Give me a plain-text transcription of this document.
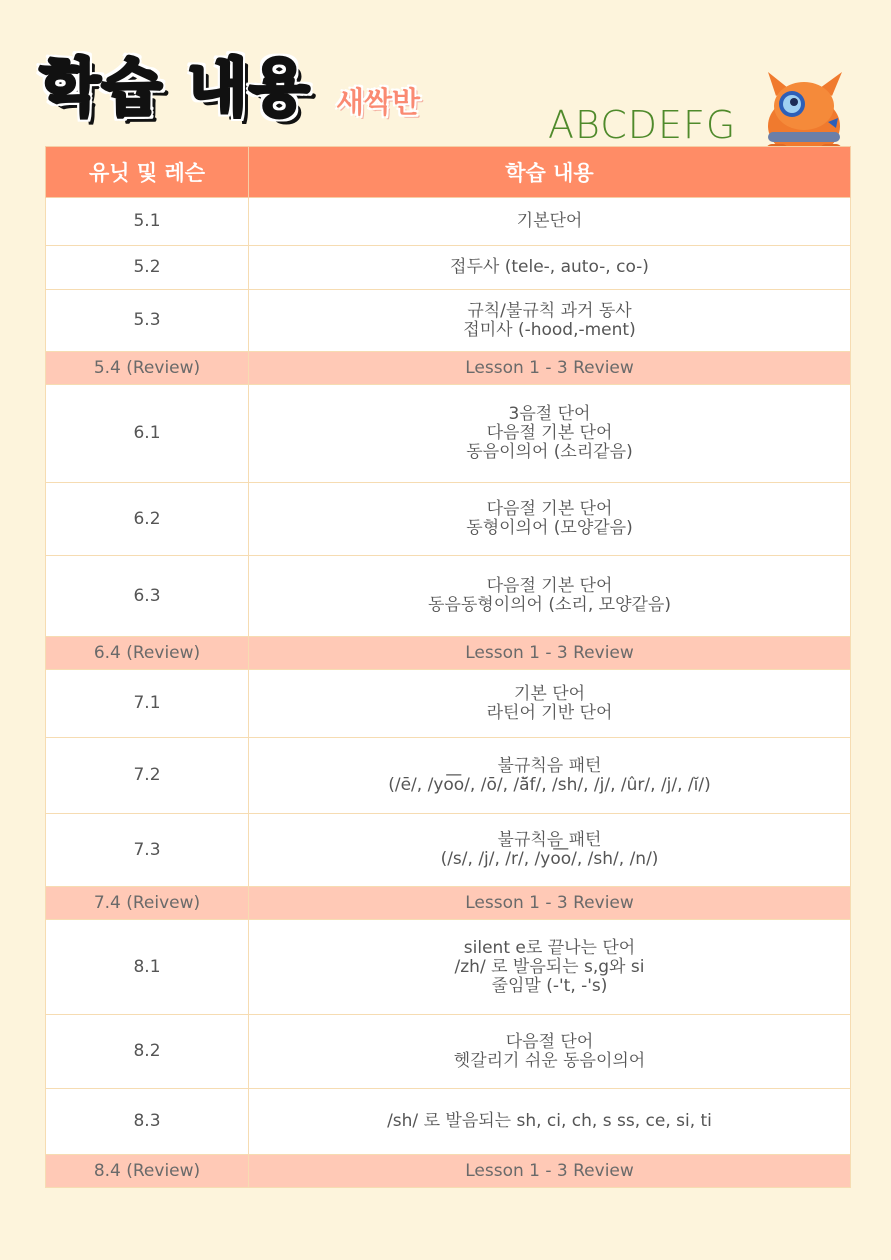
학습 내용 새싹반
ABCDEFG
유닛 및 레슨	학습 내용
5.1	기본단어

5.2	접두사 (tele-, auto-, co-)

5.3	규칙/불규칙 과거 동사
접미사 (-hood,-ment)

5.4 (Review)	Lesson 1 - 3 Review

6.1	3음절 단어
다음절 기본 단어
동음이의어 (소리같음)

6.2	다음절 기본 단어
동형이의어 (모양같음)

6.3	다음절 기본 단어
동음동형이의어 (소리, 모양같음)

6.4 (Review)	Lesson 1 - 3 Review

7.1	기본 단어
라틴어 기반 단어

7.2	불규칙음 패턴
(/ē/, /yo͞o/, /ō/, /ă̆f/, /sh/, /j/, /ûr/, /j/, /ĭ/)

7.3	불규칙음 패턴
(/s/, /j/, /r/, /yo͞o/, /sh/, /n/)

7.4 (Reivew)	Lesson 1 - 3 Review

8.1	silent e로 끝나는 단어
/zh/ 로 발음되는 s,g와 si
줄임말 (-'t, -'s)

8.2	다음절 단어
헷갈리기 쉬운 동음이의어

8.3	/sh/ 로 발음되는 sh, ci, ch, s ss, ce, si, ti

8.4 (Review)	Lesson 1 - 3 Review
